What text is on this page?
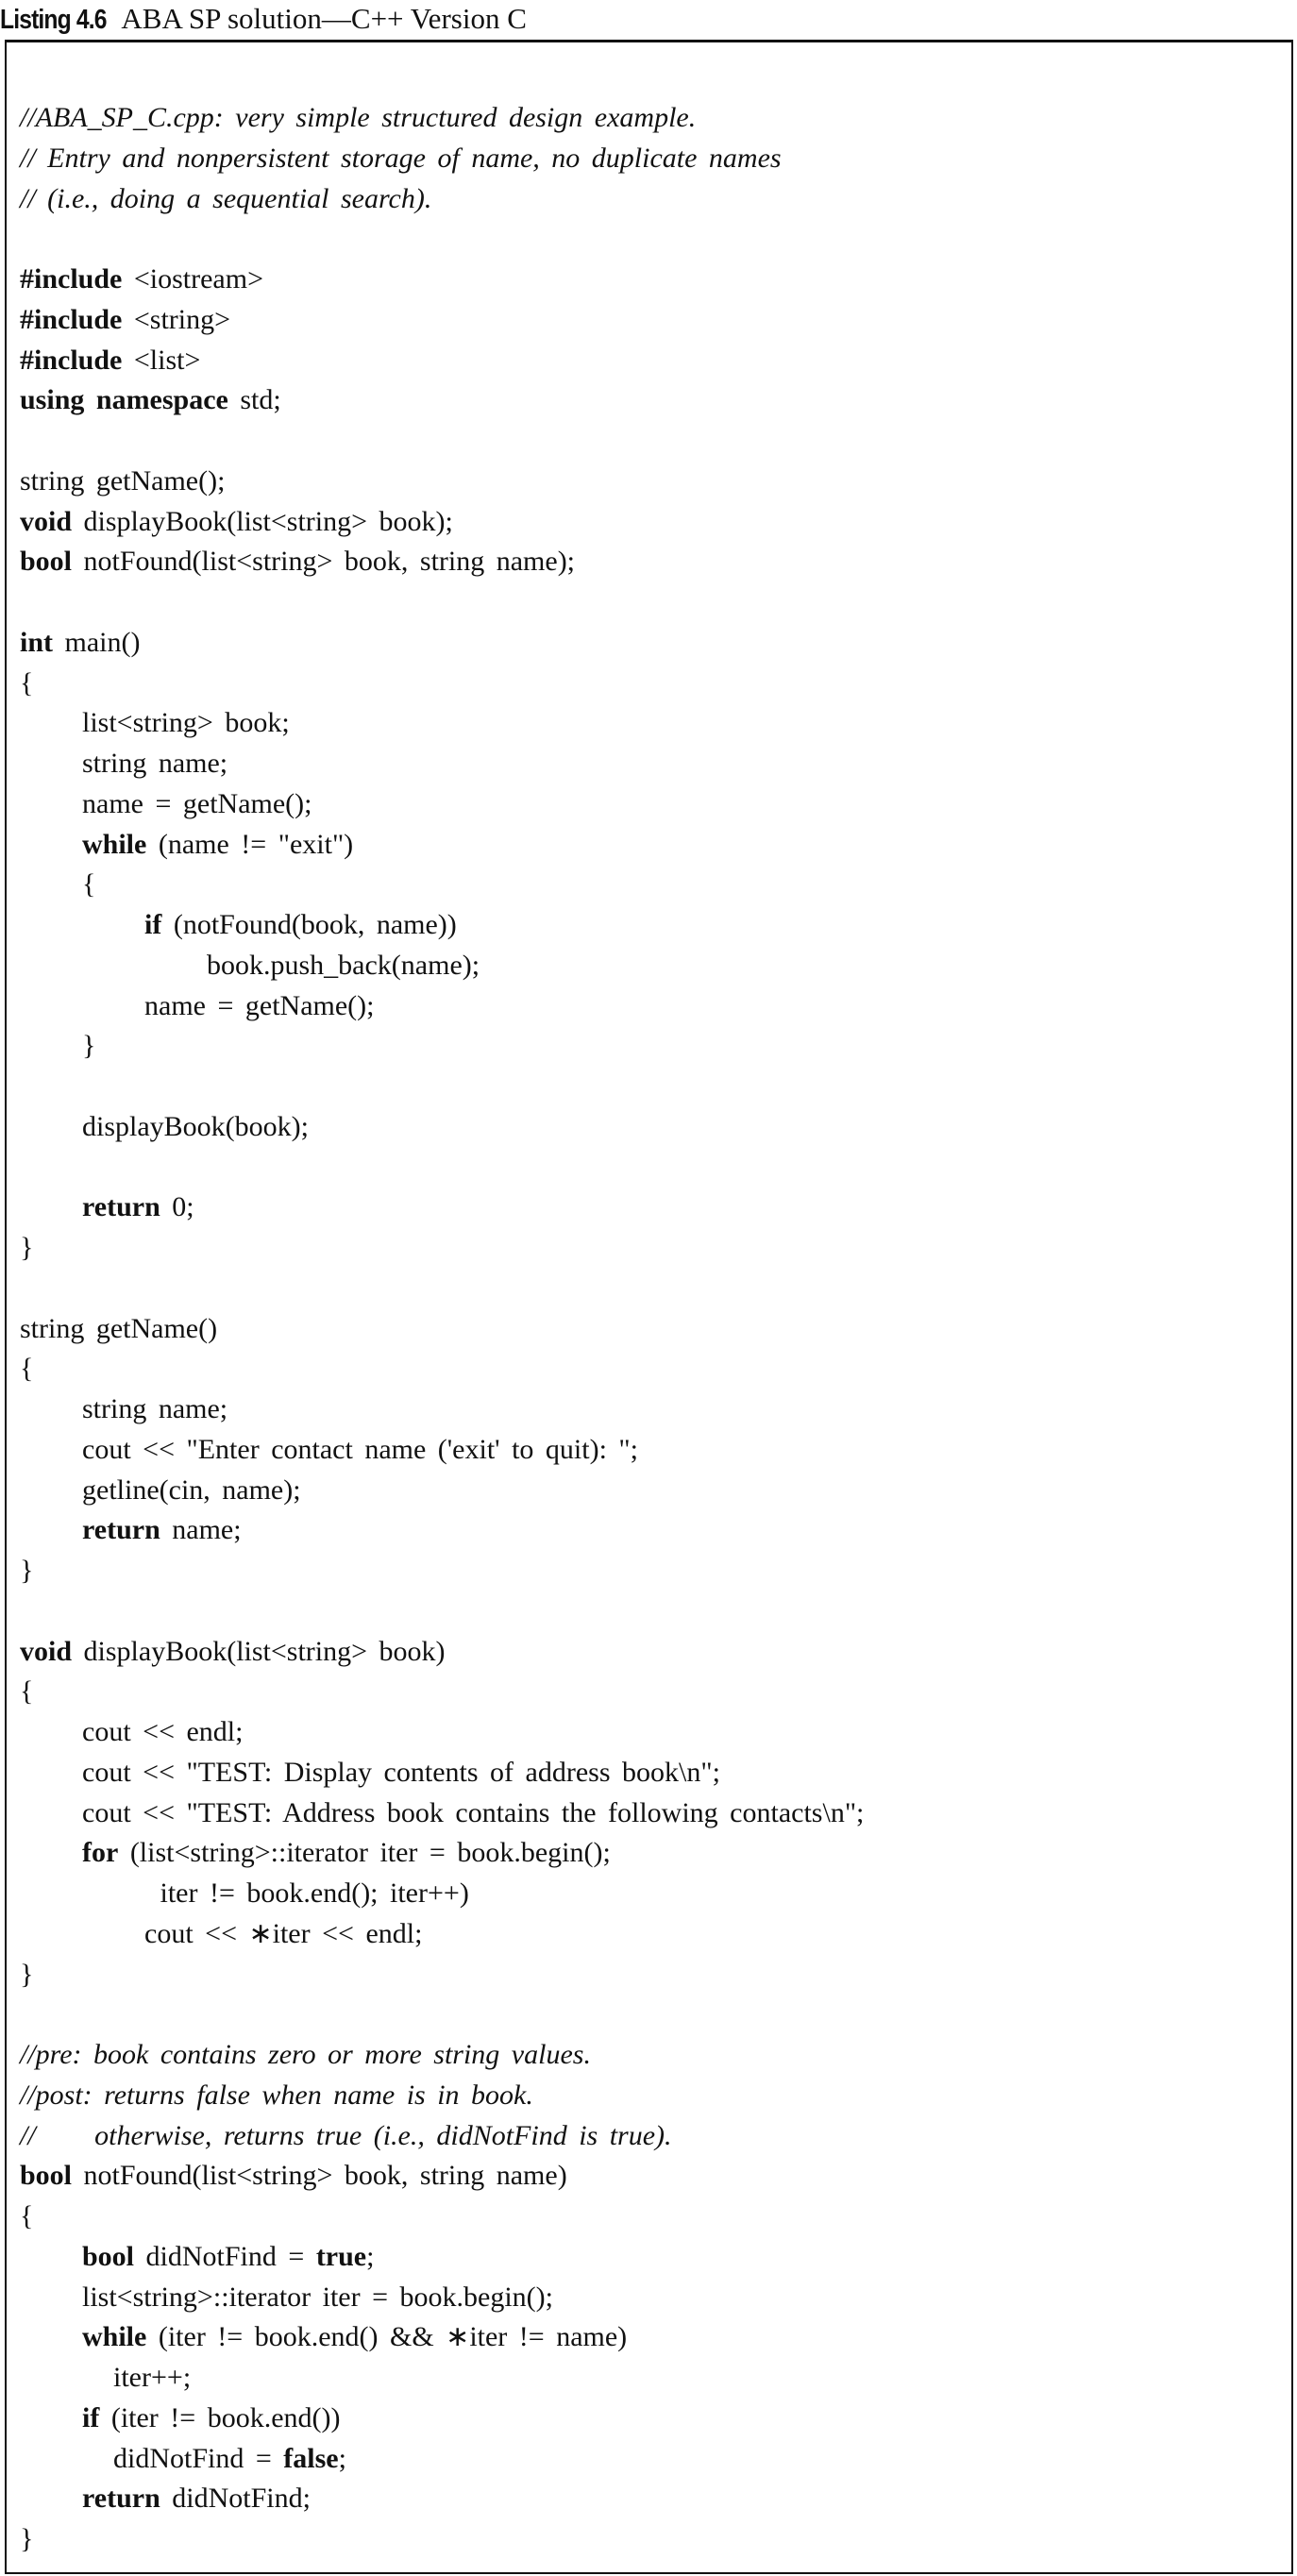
Listing 4.6 ABA SP solution—C++ Version C
//ABA_SP_C.cpp: very simple structured design example.
// Entry and nonpersistent storage of name, no duplicate names
// (i.e., doing a sequential search).
#include <iostream>
#include <string>
#include <list>
using namespace std;
string getName();
void displayBook(list<string> book);
bool notFound(list<string> book, string name);
int main()
{
list<string> book;
string name;
name = getName();
while (name != "exit")
{
if (notFound(book, name))
book.push_back(name);
name = getName();
}
displayBook(book);
return 0;
}
string getName()
{
string name;
cout << "Enter contact name ('exit' to quit): ";
getline(cin, name);
return name;
}
void displayBook(list<string> book)
{
cout << endl;
cout << "TEST: Display contents of address book\n";
cout << "TEST: Address book contains the following contacts\n";
for (list<string>::iterator iter = book.begin();
iter != book.end(); iter++)
cout << ∗iter << endl;
}
//pre: book contains zero or more string values.
//post: returns false when name is in book.
//     otherwise, returns true (i.e., didNotFind is true).
bool notFound(list<string> book, string name)
{
bool didNotFind = true;
list<string>::iterator iter = book.begin();
while (iter != book.end() && ∗iter != name)
iter++;
if (iter != book.end())
didNotFind = false;
return didNotFind;
}
